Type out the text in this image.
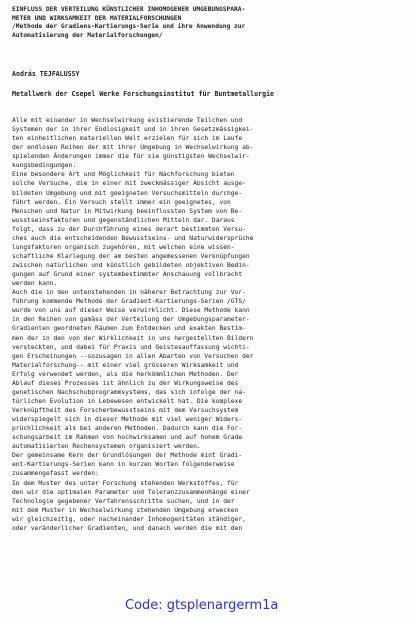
EINFLUSS DER VERTEILUNG KÜNSTLICHER INHOMOGENER UMGEBUNGSPARA-

METER UND WIRKSAMKEIT DER MATERIALFORSCHUNGEN

/Methode der Gradiens-Kartierungs-Serie und ihre Anwendung zur

Automatisierung der Materialforschungen/

András TEJFALUSSY

Metallwerk der Csepel Werke Forschungsinstitut für Buntmetallurgie

Alle mit einander in Wechselwirkung existierende Teilchen und

Systemen der in ihrer Endlosigkeit und in ihren Gesetzmässigkei-

ten einheitlichen materiellen Welt erzielen für sich im Laufe

der endlosen Reihen der mit ihrer Umgebung in Wechselwirkung ab-

spielenden Änderungen immer die für sie günstigsten Wechselwir-

kungsbedingungen.

Eine besondere Art und Möglichkeit für Nachforschung bieten

solche Versuche, die in einer mit zweckmässiger Absicht ausge-

bildeten Umgebung und mit geeigneten Versuchsmitteln durchge-

führt werden. Ein Versuch stellt immer ein geeignetes, von

Menschen und Natur in Mitwirkung beeinflussten System von Be-

wusstseinsfaktoren und gegenständlichen Mitteln dar. Daraus

folgt, dass zu der Durchführung eines derart bestimmten Versu-

ches auch die entscheidenden Bewusstseins- und Naturwidersprüche

lungsfaktoren organisch zugehören, mit welchen eine wissen-

schaftliche Klarlegung der am besten angemessenen Verknüpfungen

zwischen natürlichen und künstlich gebildeten objektiven Bedin-

gungen auf Grund einer systembestimmter Anschauung vollbracht

werden kann.

Auch die in den untenstehenden in näherer Betrachtung zur Vor-

führung kommende Methode der Gradient-Kartierungs-Serien /GTS/

wurde von uns auf dieser Weise verwirklicht. Diese Methode kann

in den Reihen von gamäss der Verteilung der Umgebungsparameter-

Gradienten geordneten Räumen zum Entdecken und exakten Bestim-

men der in den von der Wirklichkeit in uns hergestellten Bildern

versteckten, und dabei für Praxis und Geistesauffassung wichti-

gen Erscheinungen --sozusagen in allen Abarten von Versuchen der

Materialforschung-- mit einer viel grösseren Wirksamkeit und

Erfolg verwendet werden, als die herkömmlichen Methoden. Der

Ablauf dieses Prozesses ist ähnlich zu der Wirkungsweise des

genetischen Nachschubprogrammsystems, das sich infolge der na-

türlichen Evolution in Lebewesen entwickelt hat. Die komplexe

Verknüpftheit des Forscherbewusstseins mit dem Versuchsystem

widerspiegelt sich in dieser Methode mit viel weniger Widers-

prüchlichkeit als bei anderen Methoden. Dadurch kann die For-

schungsarbeit im Rahmen von hochwirksamen und auf hohem Grade

automatisierten Rechensystemen organisiert werden.

Der gemeinsame Kern der Grundlösungen der Methode mint Gradi-

ent-Kartierungs-Serien kann in kurzen Worten folgenderweise

zusammengefasst werden:

In dem Muster des unter Forschung stehenden Werkstoffes, für

den wir die optimalen Parameter und Toleranzzusammenhänge einer

Technologie gegebener Verfahrensschritte suchen, und in der

mit dem Muster in Wechselwirkung stehenden Umgebung erwecken

wir gleichzeitig, oder nacheinander Inhomogenitäten ständiger,

oder veränderlicher Gradienten, und danach werden die mit den

Code: gtsplenargerm1a
